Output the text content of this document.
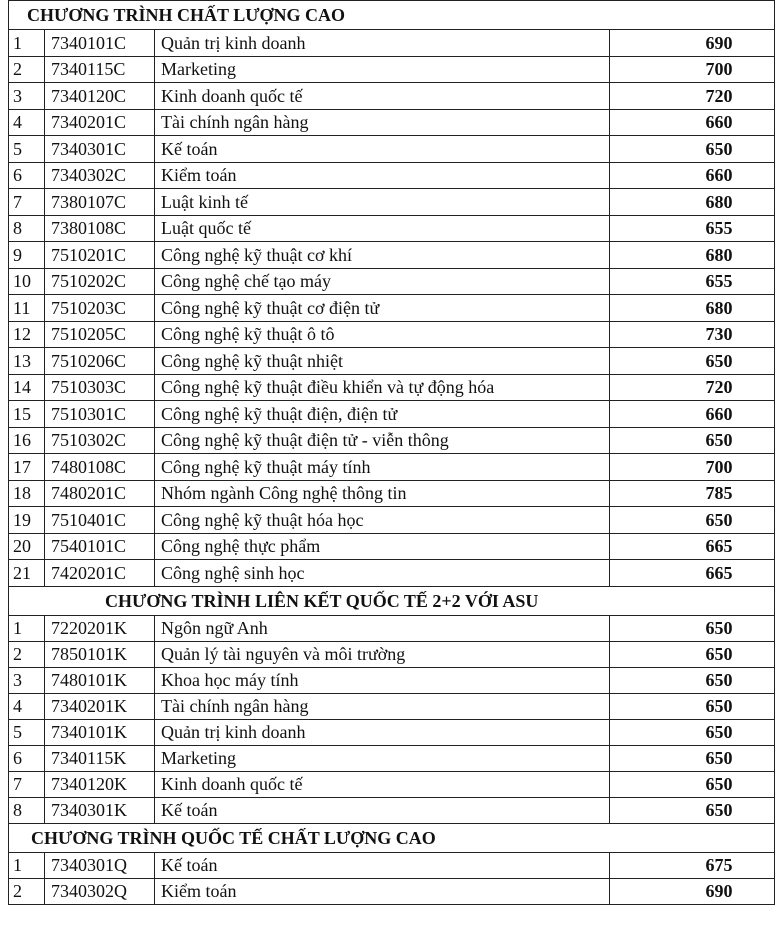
CHƯƠNG TRÌNH CHẤT LƯỢNG CAO			
1	7340101C	Quản trị kinh doanh	690
2	7340115C	Marketing	700
3	7340120C	Kinh doanh quốc tế	720
4	7340201C	Tài chính ngân hàng	660
5	7340301C	Kế toán	650
6	7340302C	Kiểm toán	660
7	7380107C	Luật kinh tế	680
8	7380108C	Luật quốc tế	655
9	7510201C	Công nghệ kỹ thuật cơ khí	680
10	7510202C	Công nghệ chế tạo máy	655
11	7510203C	Công nghệ kỹ thuật cơ điện tử	680
12	7510205C	Công nghệ kỹ thuật ô tô	730
13	7510206C	Công nghệ kỹ thuật nhiệt	650
14	7510303C	Công nghệ kỹ thuật điều khiển và tự động hóa	720
15	7510301C	Công nghệ kỹ thuật điện, điện tử	660
16	7510302C	Công nghệ kỹ thuật điện tử - viễn thông	650
17	7480108C	Công nghệ kỹ thuật máy tính	700
18	7480201C	Nhóm ngành Công nghệ thông tin	785
19	7510401C	Công nghệ kỹ thuật hóa học	650
20	7540101C	Công nghệ thực phẩm	665
21	7420201C	Công nghệ sinh học	665
CHƯƠNG TRÌNH LIÊN KẾT QUỐC TẾ 2+2 VỚI ASU			
1	7220201K	Ngôn ngữ Anh	650
2	7850101K	Quản lý tài nguyên và môi trường	650
3	7480101K	Khoa học máy tính	650
4	7340201K	Tài chính ngân hàng	650
5	7340101K	Quản trị kinh doanh	650
6	7340115K	Marketing	650
7	7340120K	Kinh doanh quốc tế	650
8	7340301K	Kế toán	650
CHƯƠNG TRÌNH QUỐC TẾ CHẤT LƯỢNG CAO			
1	7340301Q	Kế toán	675
2	7340302Q	Kiểm toán	690
